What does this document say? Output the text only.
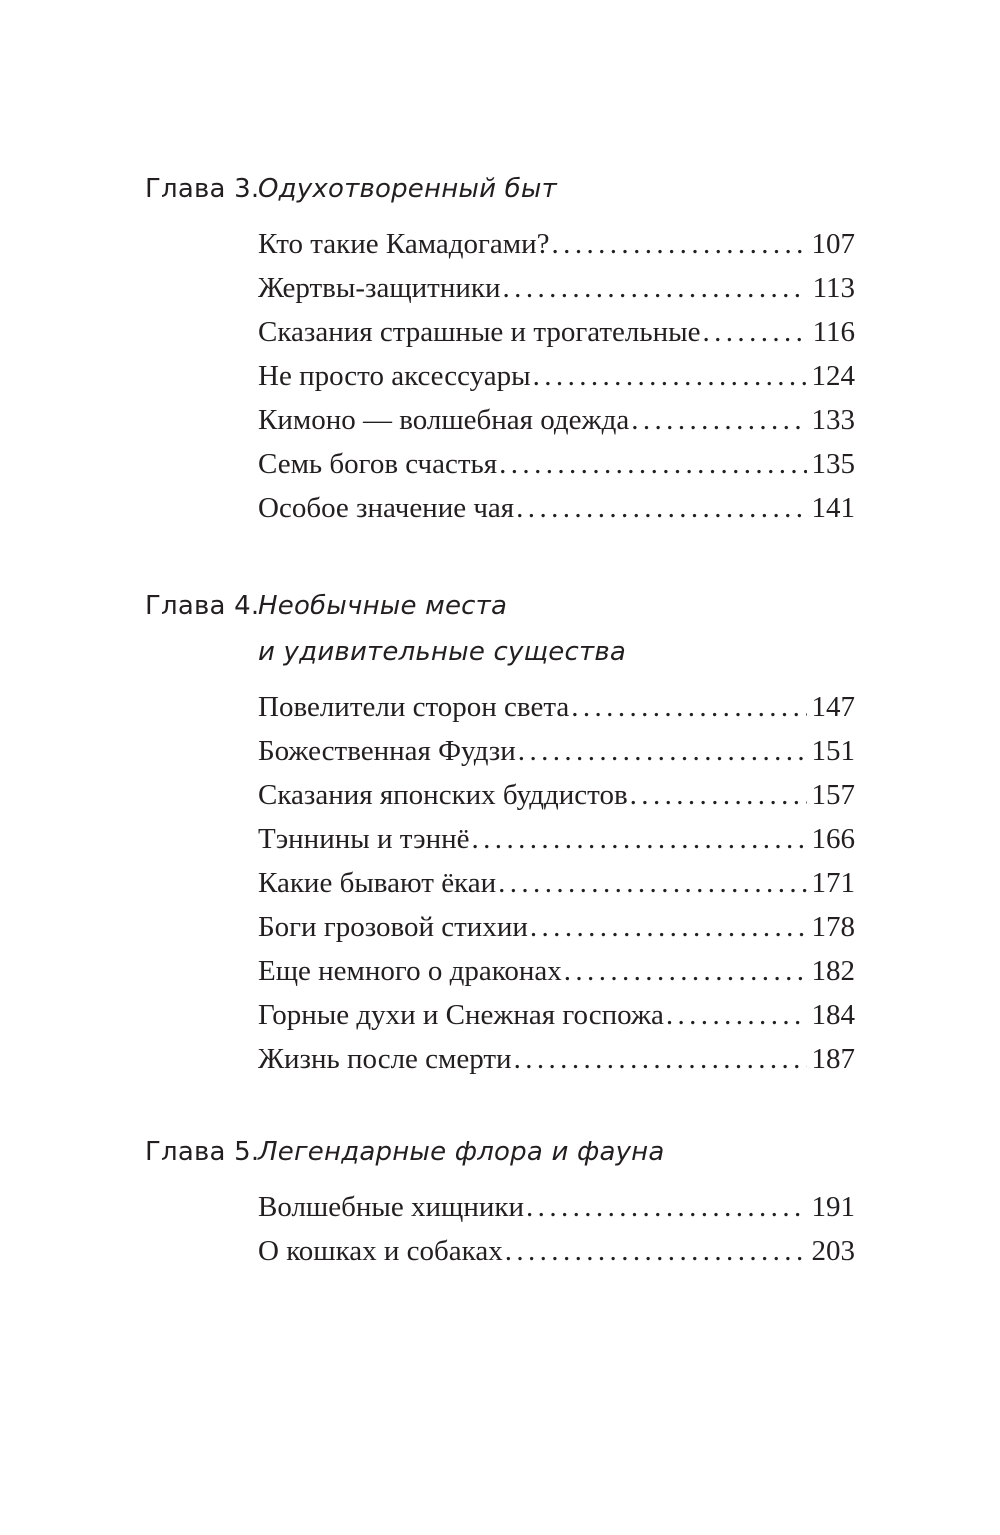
Глава 3.
Одухотворенный быт
Кто такие Камадогами? .....	107
Жертвы-защитники .....	113
Сказания страшные и трогательные .....	116
Не просто аксессуары .....	124
Кимоно — волшебная одежда .....	133
Семь богов счастья .....	135
Особое значение чая .....	141
Глава 4.
Необычные места
и удивительные существа
Повелители сторон света .....	147
Божественная Фудзи .....	151
Сказания японских буддистов .....	157
Тэннины и тэннё .....	166
Какие бывают ёкаи .....	171
Боги грозовой стихии .....	178
Еще немного о драконах .....	182
Горные духи и Снежная госпожа .....	184
Жизнь после смерти .....	187
Глава 5.
Легендарные флора и фауна
Волшебные хищники .....	191
О кошках и собаках .....	203
